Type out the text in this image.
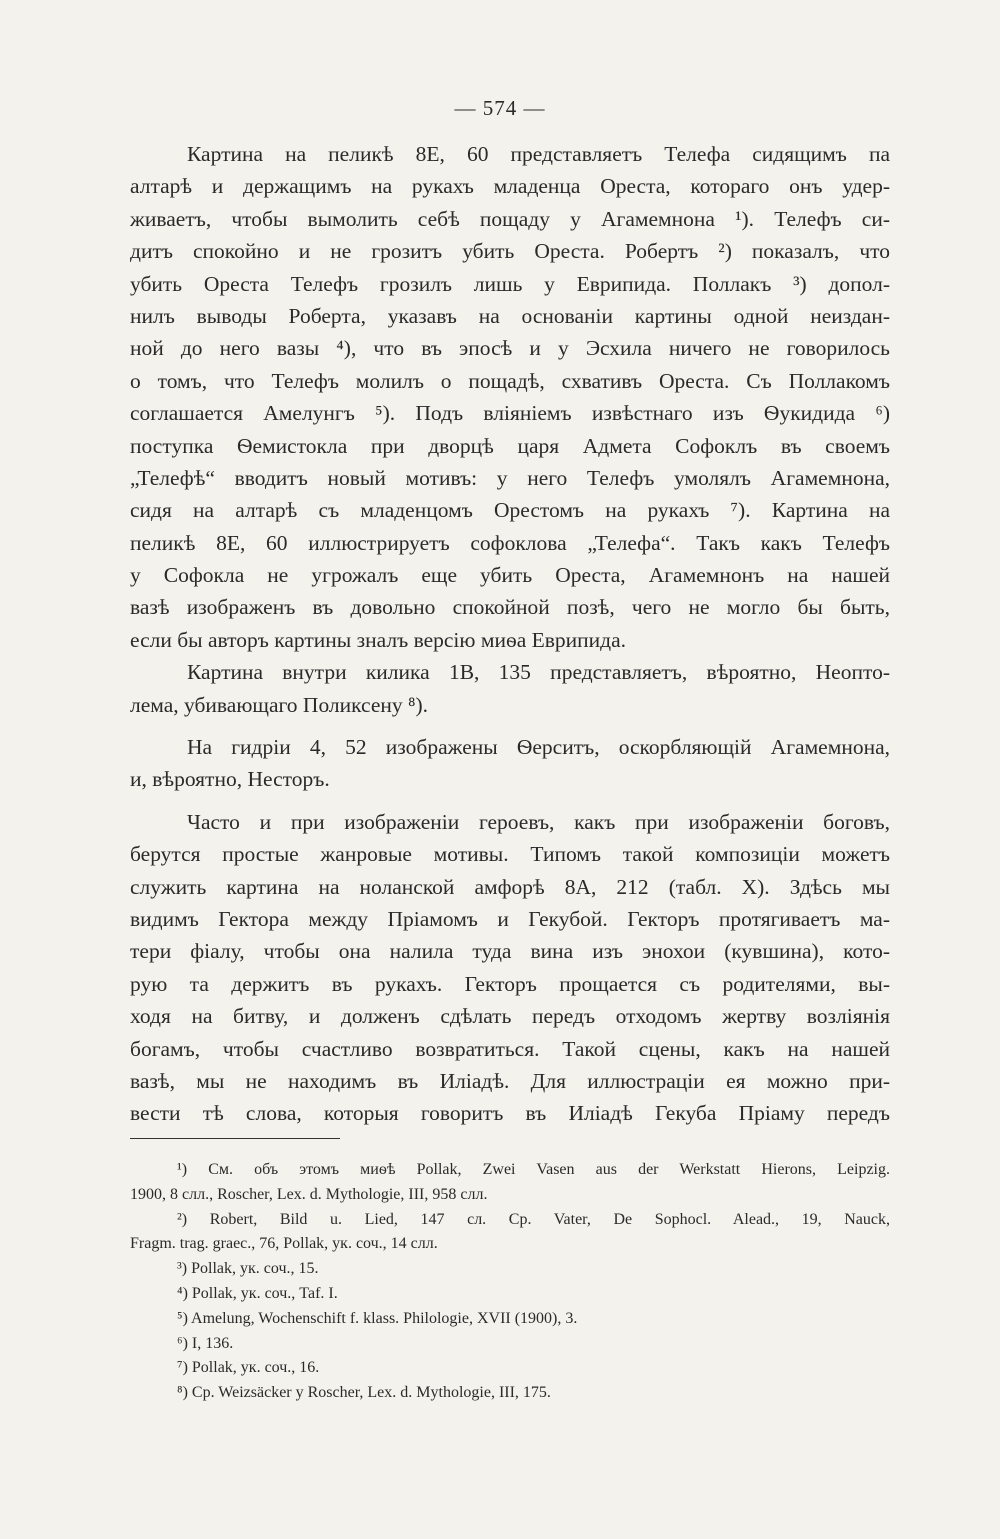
— 574 —
Картина на пеликѣ 8E, 60 представляетъ Телефа сидящимъ па
алтарѣ и держащимъ на рукахъ младенца Ореста, котораго онъ удер-
живаетъ, чтобы вымолить себѣ пощаду у Агамемнона ¹). Телефъ си-
дитъ спокойно и не грозитъ убить Ореста. Робертъ ²) показалъ, что
убить Ореста Телефъ грозилъ лишь у Еврипида. Поллакъ ³) допол-
нилъ выводы Роберта, указавъ на основаніи картины одной неиздан-
ной до него вазы ⁴), что въ эпосѣ и у Эсхила ничего не говорилось
о томъ, что Телефъ молилъ о пощадѣ, схвативъ Ореста. Съ Поллакомъ
соглашается Амелунгъ ⁵). Подъ вліяніемъ извѣстнаго изъ Ѳукидида ⁶)
поступка Ѳемистокла при дворцѣ царя Адмета Софоклъ въ своемъ
„Телефѣ“ вводитъ новый мотивъ: у него Телефъ умолялъ Агамемнона,
сидя на алтарѣ съ младенцомъ Орестомъ на рукахъ ⁷). Картина на
пеликѣ 8E, 60 иллюстрируетъ софоклова „Телефа“. Такъ какъ Телефъ
у Софокла не угрожалъ еще убить Ореста, Агамемнонъ на нашей
вазѣ изображенъ въ довольно спокойной позѣ, чего не могло бы быть,
если бы авторъ картины зналъ версію миѳа Еврипида.
Картина внутри килика 1B, 135 представляетъ, вѣроятно, Неопто-
лема, убивающаго Поликсену ⁸).
На гидріи 4, 52 изображены Ѳерситъ, оскорбляющій Агамемнона,
и, вѣроятно, Несторъ.
Часто и при изображеніи героевъ, какъ при изображеніи боговъ,
берутся простые жанровые мотивы. Типомъ такой композиціи можетъ
служить картина на ноланской амфорѣ 8A, 212 (табл. X). Здѣсь мы
видимъ Гектора между Пріамомъ и Гекубой. Гекторъ протягиваетъ ма-
тери фіалу, чтобы она налила туда вина изъ энохои (кувшина), кото-
рую та держитъ въ рукахъ. Гекторъ прощается съ родителями, вы-
ходя на битву, и долженъ сдѣлать передъ отходомъ жертву возліянія
богамъ, чтобы счастливо возвратиться. Такой сцены, какъ на нашей
вазѣ, мы не находимъ въ Иліадѣ. Для иллюстраціи ея можно при-
вести тѣ слова, которыя говоритъ въ Иліадѣ Гекуба Пріаму передъ
¹) См. объ этомъ миѳѣ Pollak, Zwei Vasen aus der Werkstatt Hierons, Leipzig.
1900, 8 слл., Roscher, Lex. d. Mythologie, III, 958 слл.
²) Robert, Bild u. Lied, 147 сл. Cp. Vater, De Sophocl. Alead., 19, Nauck,
Fragm. trag. graec., 76, Pollak, ук. соч., 14 слл.
³) Pollak, ук. соч., 15.
⁴) Pollak, ук. соч., Taf. I.
⁵) Amelung, Wochenschift f. klass. Philologie, XVII (1900), 3.
⁶) I, 136.
⁷) Pollak, ук. соч., 16.
⁸) Cp. Weizsäcker y Roscher, Lex. d. Mythologie, III, 175.
